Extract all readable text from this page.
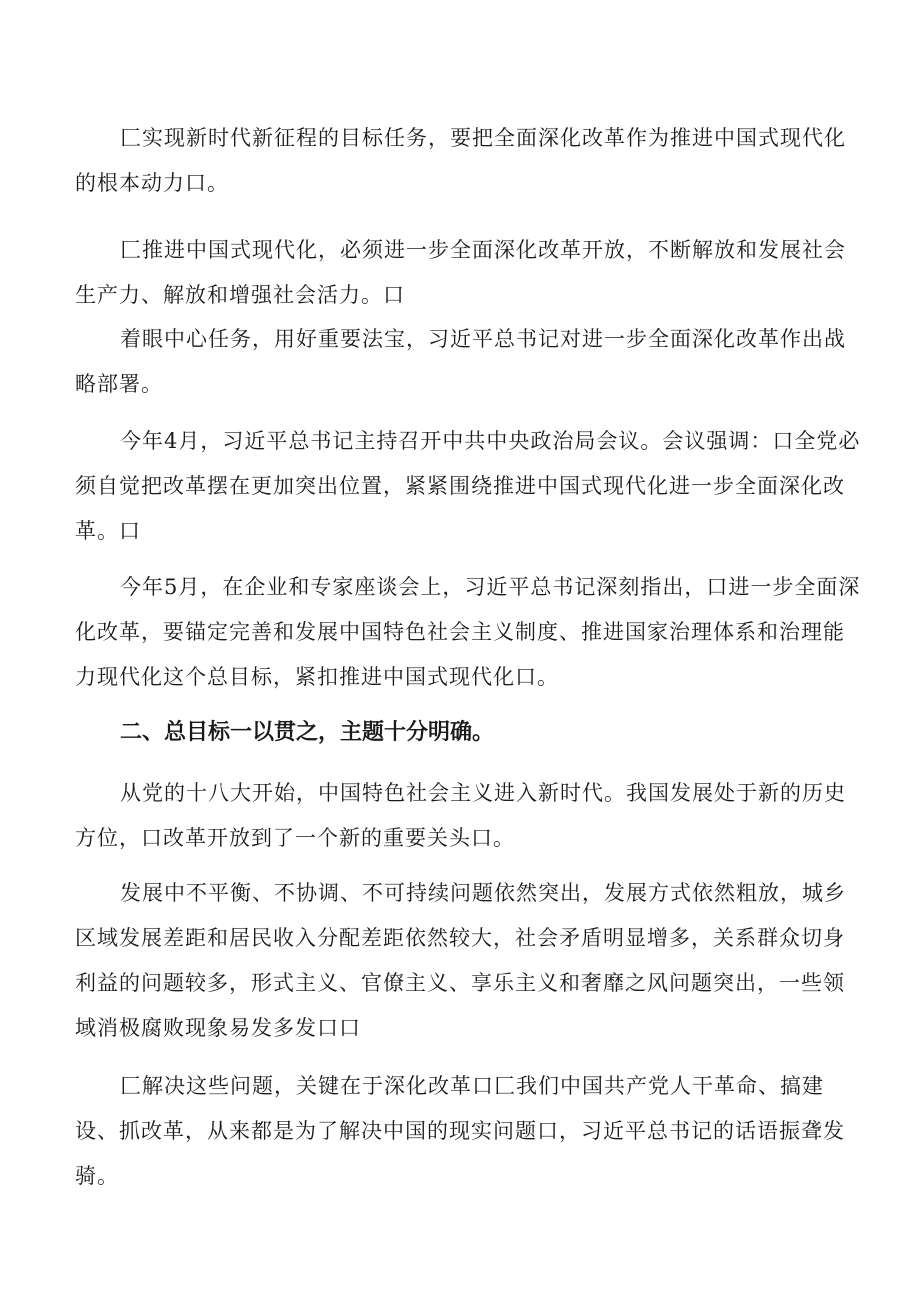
匚实现新时代新征程的目标任务，要把全面深化改革作为推进中国式现代化的根本动力口。

匚推进中国式现代化，必须进一步全面深化改革开放，不断解放和发展社会生产力、解放和增强社会活力。口

着眼中心任务，用好重要法宝，习近平总书记对进一步全面深化改革作出战略部署。

今年4月，习近平总书记主持召开中共中央政治局会议。会议强调：口全党必须自觉把改革摆在更加突出位置，紧紧围绕推进中国式现代化进一步全面深化改革。口

今年5月，在企业和专家座谈会上，习近平总书记深刻指出，口进一步全面深化改革，要锚定完善和发展中国特色社会主义制度、推进国家治理体系和治理能力现代化这个总目标，紧扣推进中国式现代化口。

二、总目标一以贯之，主题十分明确。

从党的十八大开始，中国特色社会主义进入新时代。我国发展处于新的历史方位，口改革开放到了一个新的重要关头口。

发展中不平衡、不协调、不可持续问题依然突出，发展方式依然粗放，城乡区域发展差距和居民收入分配差距依然较大，社会矛盾明显增多，关系群众切身利益的问题较多，形式主义、官僚主义、享乐主义和奢靡之风问题突出，一些领域消极腐败现象易发多发口口

匚解决这些问题，关键在于深化改革口匚我们中国共产党人干革命、搞建设、抓改革，从来都是为了解决中国的现实问题口，习近平总书记的话语振聋发骑。
